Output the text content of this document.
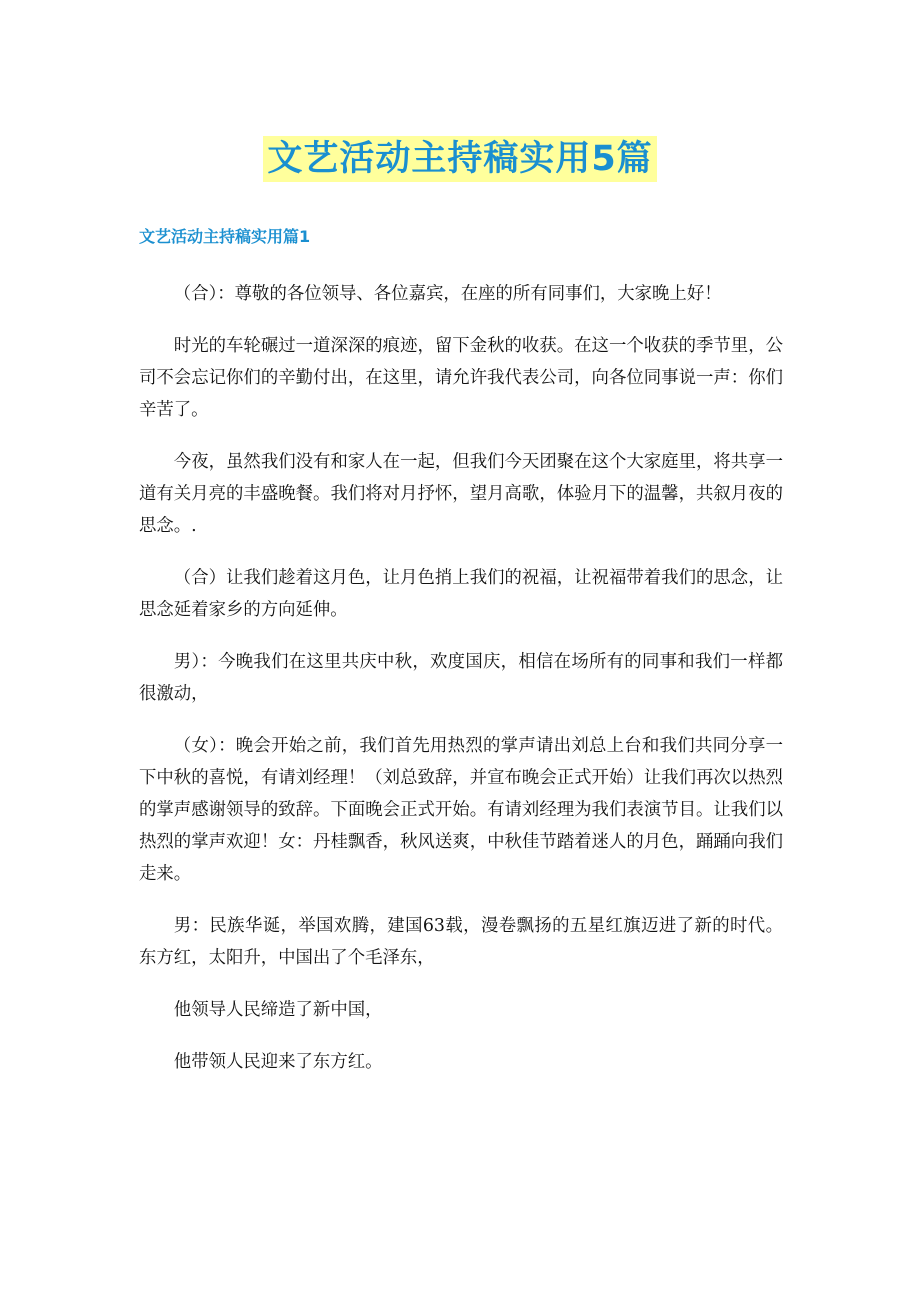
文艺活动主持稿实用5篇
文艺活动主持稿实用篇1

（合）：尊敬的各位领导、各位嘉宾，在座的所有同事们，大家晚上好！

时光的车轮碾过一道深深的痕迹，留下金秋的收获。在这一个收获的季节里，公司不会忘记你们的辛勤付出，在这里，请允许我代表公司，向各位同事说一声：你们辛苦了。

今夜，虽然我们没有和家人在一起，但我们今天团聚在这个大家庭里，将共享一道有关月亮的丰盛晚餐。我们将对月抒怀，望月高歌，体验月下的温馨，共叙月夜的思念。.

（合）让我们趁着这月色，让月色捎上我们的祝福，让祝福带着我们的思念，让思念延着家乡的方向延伸。

男）：今晚我们在这里共庆中秋，欢度国庆，相信在场所有的同事和我们一样都很激动，

（女）：晚会开始之前，我们首先用热烈的掌声请出刘总上台和我们共同分享一下中秋的喜悦，有请刘经理！（刘总致辞，并宣布晚会正式开始）让我们再次以热烈的掌声感谢领导的致辞。下面晚会正式开始。有请刘经理为我们表演节目。让我们以热烈的掌声欢迎！女：丹桂飘香，秋风送爽，中秋佳节踏着迷人的月色，踊踊向我们走来。

男：民族华诞，举国欢腾，建国63载，漫卷飘扬的五星红旗迈进了新的时代。东方红，太阳升，中国出了个毛泽东，

他领导人民缔造了新中国，

他带领人民迎来了东方红。
